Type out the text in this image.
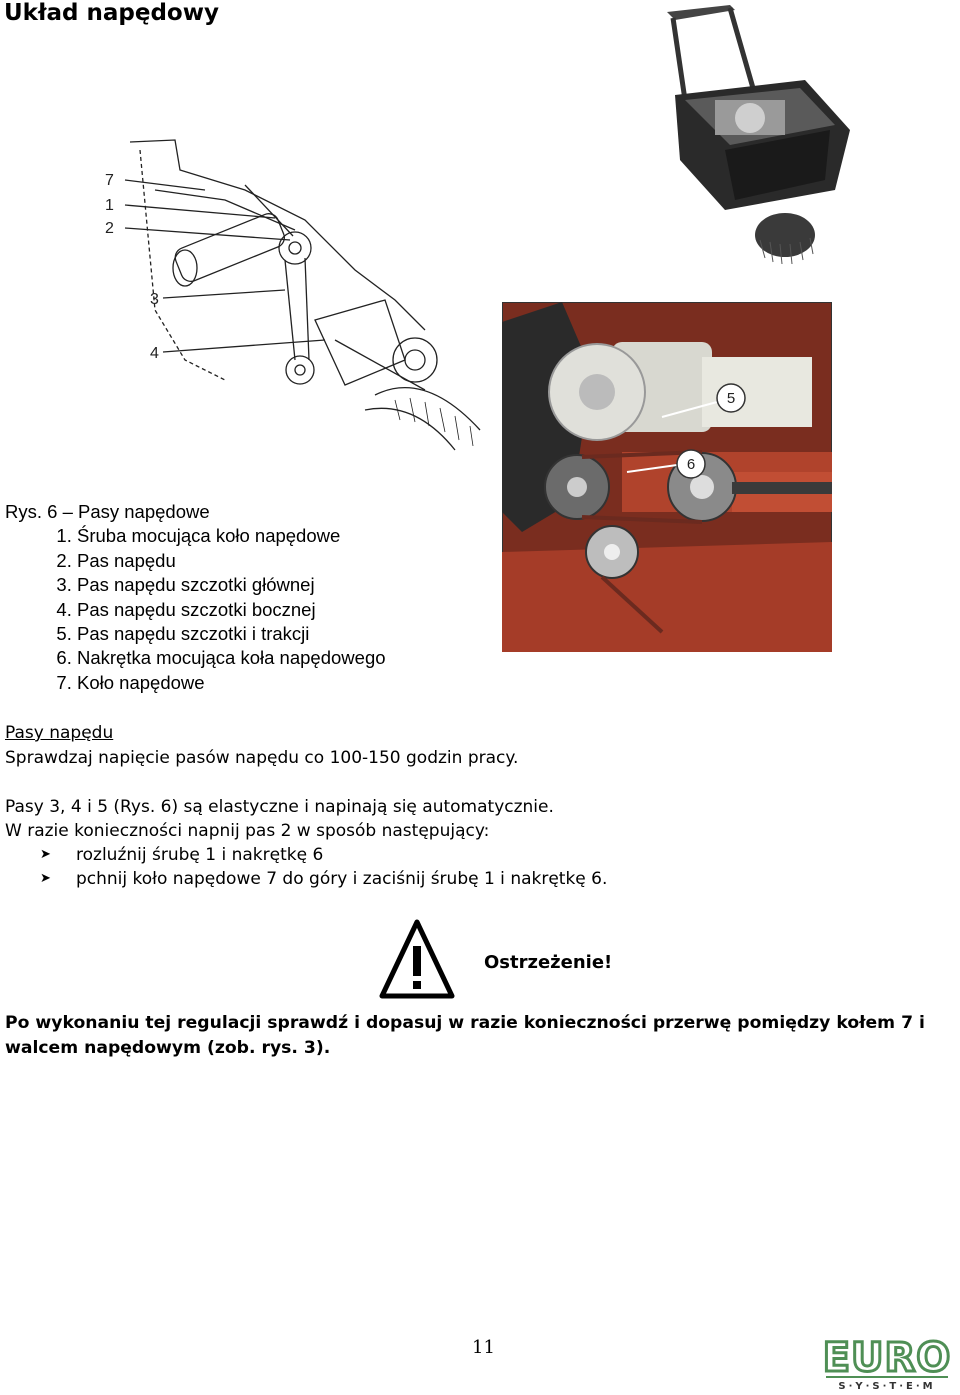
Układ napędowy
7
1
2
3
4
5
6
Rys. 6 – Pasy napędowe
1. Śruba mocująca koło napędowe
2. Pas napędu
3. Pas napędu szczotki głównej
4. Pas napędu szczotki bocznej
5. Pas napędu szczotki i trakcji
6. Nakrętka mocująca koła napędowego
7. Koło napędowe
Pasy napędu
Sprawdzaj napięcie pasów napędu co 100-150 godzin pracy.
Pasy 3, 4 i 5 (Rys. 6) są elastyczne i napinają się automatycznie.
W razie konieczności napnij pas 2 w sposób następujący:
➤	rozluźnij śrubę 1 i nakrętkę 6
➤	pchnij koło napędowe 7 do góry i zaciśnij śrubę 1 i nakrętkę 6.
Ostrzeżenie!
Po wykonaniu tej regulacji sprawdź i dopasuj w razie konieczności przerwę pomiędzy kołem 7 i walcem napędowym (zob. rys. 3).
11	EURO
S·Y·S·T·E·M
